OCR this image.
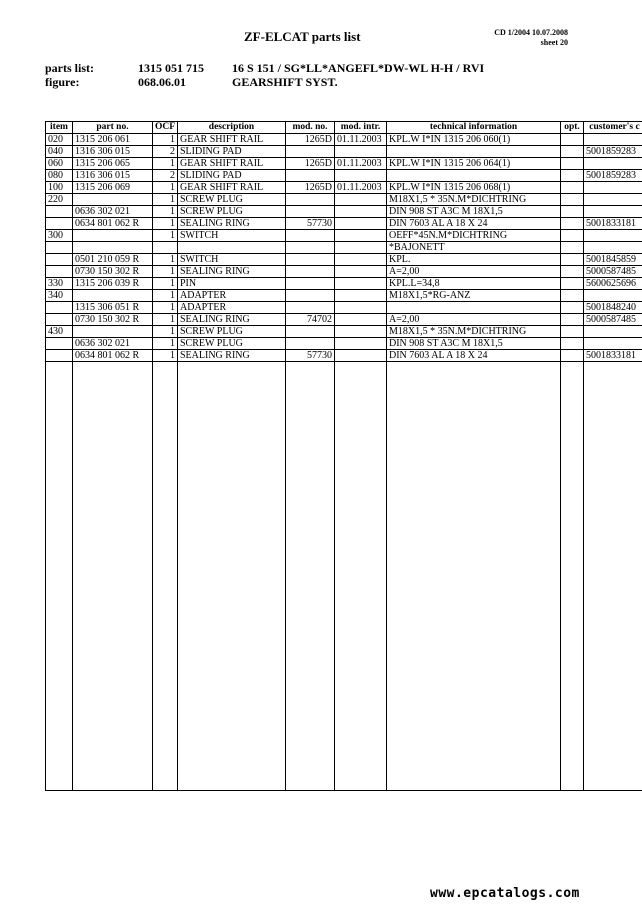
ZF-ELCAT parts list	CD 1/2004 10.07.2008
sheet 20
parts list:	1315 051 715 16 S 151 / SG*LL*ANGEFL*DW-WL H-H / RVI
figure:	068.06.01	GEARSHIFT SYST.
item	part no.	OCF	description	mod. no.	mod. intr.	technical information	opt.	customer's c
020	1315 206 061	1	GEAR SHIFT RAIL	1265D	01.11.2003	KPL.W I*IN 1315 206 060(1)		
040	1316 306 015	2	SLIDING PAD					5001859283
060	1315 206 065	1	GEAR SHIFT RAIL	1265D	01.11.2003	KPL.W I*IN 1315 206 064(1)		
080	1316 306 015	2	SLIDING PAD					5001859283
100	1315 206 069	1	GEAR SHIFT RAIL	1265D	01.11.2003	KPL.W I*IN 1315 206 068(1)		
220		1	SCREW PLUG			M18X1,5 * 35N.M*DICHTRING		
	0636 302 021	1	SCREW PLUG			DIN 908 ST A3C M 18X1,5		
	0634 801 062 R	1	SEALING RING	57730		DIN 7603 AL A 18 X 24		5001833181
300		1	SWITCH			OEFF*45N.M*DICHTRING		
						*BAJONETT		
	0501 210 059 R	1	SWITCH			KPL.		5001845859
	0730 150 302 R	1	SEALING RING			A=2,00		5000587485
330	1315 206 039 R	1	PIN			KPL.L=34,8		5600625696
340		1	ADAPTER			M18X1,5*RG-ANZ		
	1315 306 051 R	1	ADAPTER					5001848240
	0730 150 302 R	1	SEALING RING	74702		A=2,00		5000587485
430		1	SCREW PLUG			M18X1,5 * 35N.M*DICHTRING		
	0636 302 021	1	SCREW PLUG			DIN 908 ST A3C M 18X1,5		
	0634 801 062 R	1	SEALING RING	57730		DIN 7603 AL A 18 X 24		5001833181

www.epcatalogs.com
